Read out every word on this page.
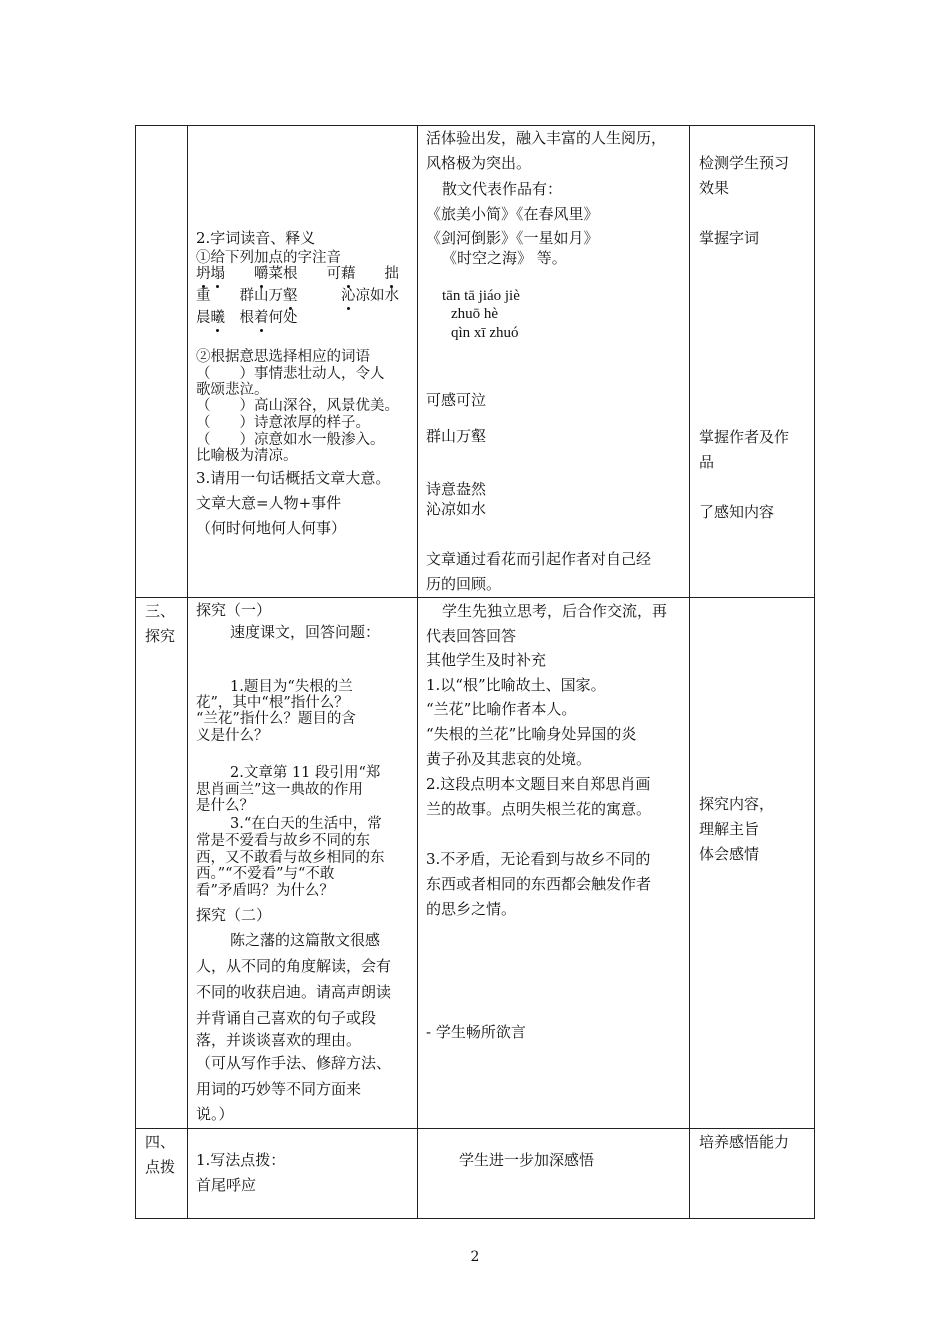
三、
探究
四、
点拨
2.字词读音、释义
①给下列加点的字注音
坍塌　　 嚼菜根　　可藉　　 拙
重　　群山万壑　　　	沁凉如水
晨曦　根着何处
②根据意思选择相应的词语
（　　）事情悲壮动人，令人
歌颂悲泣。
（　　）高山深谷，风景优美。
（　　）诗意浓厚的样子。
（　　）凉意如水一般渗入。
比喻极为清凉。
3.请用一句话概括文章大意。
文章大意=人物+事件
（何时何地何人何事）
探究（一）
速度课文，回答问题：
1.题目为“失根的兰
花”，其中“根”指什么？
“兰花”指什么？题目的含
义是什么？
2.文章第 11 段引用“郑
思肖画兰”这一典故的作用
是什么？
3.“在白天的生活中，常
常是不爱看与故乡不同的东
西，又不敢看与故乡相同的东
西。”“不爱看”与“不敢
看”矛盾吗？为什么？
探究（二）
陈之藩的这篇散文很感
人，从不同的角度解读，会有
不同的收获启迪。请高声朗读
并背诵自己喜欢的句子或段
落，并谈谈喜欢的理由。
（可从写作手法、修辞方法、
用词的巧妙等不同方面来
说。）
1.写法点拨：
首尾呼应
活体验出发，融入丰富的人生阅历，
风格极为突出。
散文代表作品有：
《旅美小简》《在春风里》
《剑河倒影》《一星如月》
《时空之海》 等。
tān tā jiáo jiè
zhuō hè
qìn xī zhuó
可感可泣
群山万壑
诗意盎然
沁凉如水
文章通过看花而引起作者对自己经
历的回顾。
学生先独立思考，后合作交流，再
代表回答回答
其他学生及时补充
1.以“根”比喻故土、国家。
“兰花”比喻作者本人。
“失根的兰花”比喻身处异国的炎
黄子孙及其悲哀的处境。
2.这段点明本文题目来自郑思肖画
兰的故事。点明失根兰花的寓意。
3.不矛盾，无论看到与故乡不同的
东西或者相同的东西都会触发作者
的思乡之情。
- 学生畅所欲言
学生进一步加深感悟
检测学生预习
效果
掌握字词
掌握作者及作
品
了感知内容
探究内容，
理解主旨
体会感情
培养感悟能力
2
